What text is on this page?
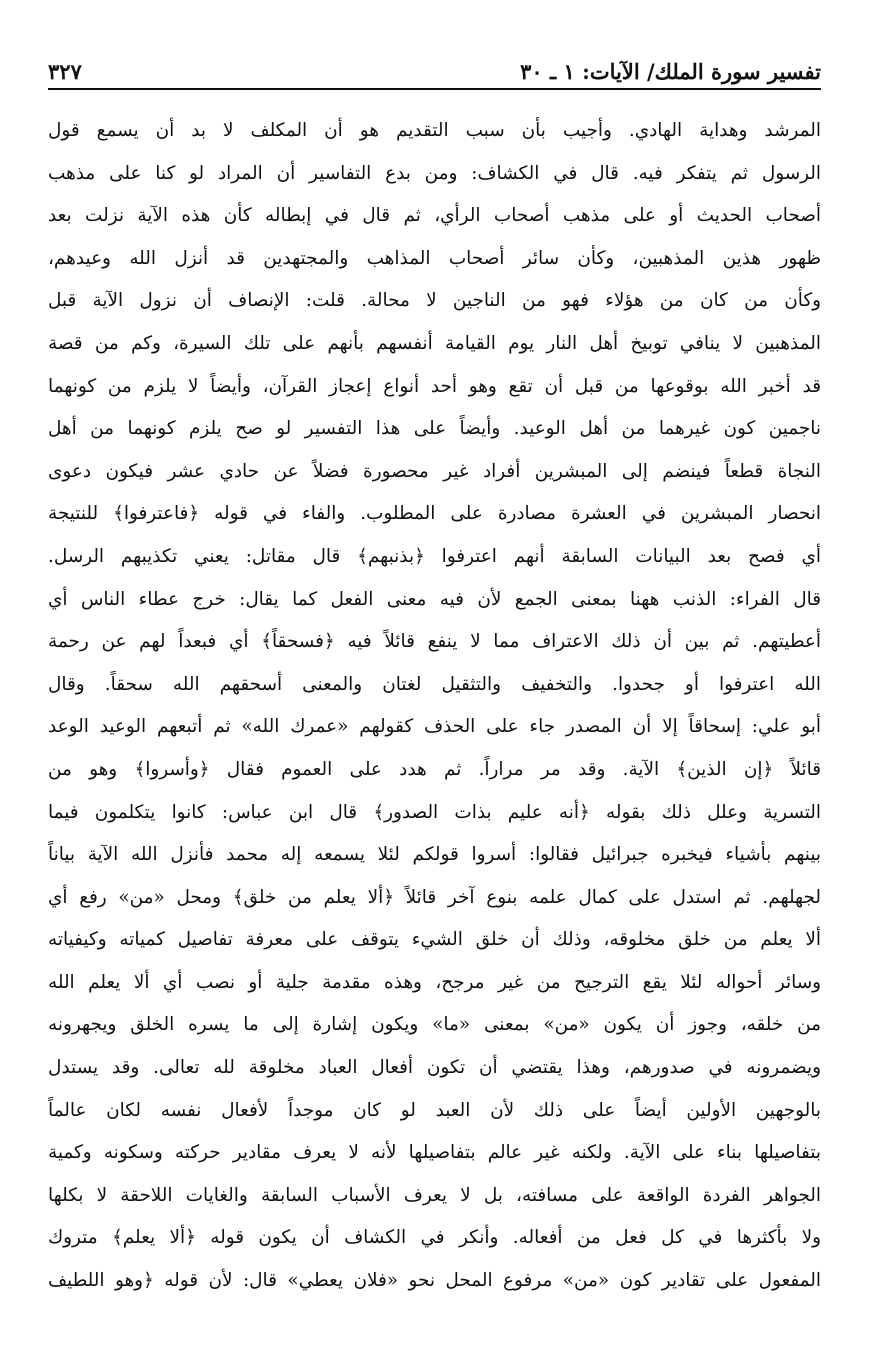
تفسير سورة الملك/ الآيات: ١ ـ ٣٠
٣٢٧
المرشد وهداية الهادي. وأجيب بأن سبب التقديم هو أن المكلف لا بد أن يسمع قول
الرسول ثم يتفكر فيه. قال في الكشاف: ومن بدع التفاسير أن المراد لو كنا على مذهب
أصحاب الحديث أو على مذهب أصحاب الرأي، ثم قال في إبطاله كأن هذه الآية نزلت بعد
ظهور هذين المذهبين، وكأن سائر أصحاب المذاهب والمجتهدين قد أنزل الله وعيدهم،
وكأن من كان من هؤلاء فهو من الناجين لا محالة. قلت: الإنصاف أن نزول الآية قبل
المذهبين لا ينافي توبيخ أهل النار يوم القيامة أنفسهم بأنهم على تلك السيرة، وكم من قصة
قد أخبر الله بوقوعها من قبل أن تقع وهو أحد أنواع إعجاز القرآن، وأيضاً لا يلزم من كونهما
ناجمين كون غيرهما من أهل الوعيد. وأيضاً على هذا التفسير لو صح يلزم كونهما من أهل
النجاة قطعاً فينضم إلى المبشرين أفراد غير محصورة فضلاً عن حادي عشر فيكون دعوى
انحصار المبشرين في العشرة مصادرة على المطلوب. والفاء في قوله ﴿فاعترفوا﴾ للنتيجة
أي فصح بعد البيانات السابقة أنهم اعترفوا ﴿بذنبهم﴾ قال مقاتل: يعني تكذيبهم الرسل.
قال الفراء: الذنب ههنا بمعنى الجمع لأن فيه معنى الفعل كما يقال: خرج عطاء الناس أي
أعطيتهم. ثم بين أن ذلك الاعتراف مما لا ينفع قائلاً فيه ﴿فسحقاً﴾ أي فبعداً لهم عن رحمة
الله اعترفوا أو جحدوا. والتخفيف والتثقيل لغتان والمعنى أسحقهم الله سحقاً. وقال
أبو علي: إسحاقاً إلا أن المصدر جاء على الحذف كقولهم «عمرك الله» ثم أتبعهم الوعيد الوعد
قائلاً ﴿إن الذين﴾ الآية. وقد مر مراراً. ثم هدد على العموم فقال ﴿وأسروا﴾ وهو من
التسرية وعلل ذلك بقوله ﴿أنه عليم بذات الصدور﴾ قال ابن عباس: كانوا يتكلمون فيما
بينهم بأشياء فيخبره جبرائيل فقالوا: أسروا قولكم لئلا يسمعه إله محمد فأنزل الله الآية بياناً
لجهلهم. ثم استدل على كمال علمه بنوع آخر قائلاً ﴿ألا يعلم من خلق﴾ ومحل «من» رفع أي
ألا يعلم من خلق مخلوقه، وذلك أن خلق الشيء يتوقف على معرفة تفاصيل كمياته وكيفياته
وسائر أحواله لئلا يقع الترجيح من غير مرجح، وهذه مقدمة جلية أو نصب أي ألا يعلم الله
من خلقه، وجوز أن يكون «من» بمعنى «ما» ويكون إشارة إلى ما يسره الخلق ويجهرونه
ويضمرونه في صدورهم، وهذا يقتضي أن تكون أفعال العباد مخلوقة لله تعالى. وقد يستدل
بالوجهين الأولين أيضاً على ذلك لأن العبد لو كان موجداً لأفعال نفسه لكان عالماً
بتفاصيلها بناء على الآية. ولكنه غير عالم بتفاصيلها لأنه لا يعرف مقادير حركته وسكونه وكمية
الجواهر الفردة الواقعة على مسافته، بل لا يعرف الأسباب السابقة والغايات اللاحقة لا بكلها
ولا بأكثرها في كل فعل من أفعاله. وأنكر في الكشاف أن يكون قوله ﴿ألا يعلم﴾ متروك
المفعول على تقادير كون «من» مرفوع المحل نحو «فلان يعطي» قال: لأن قوله ﴿وهو اللطيف
